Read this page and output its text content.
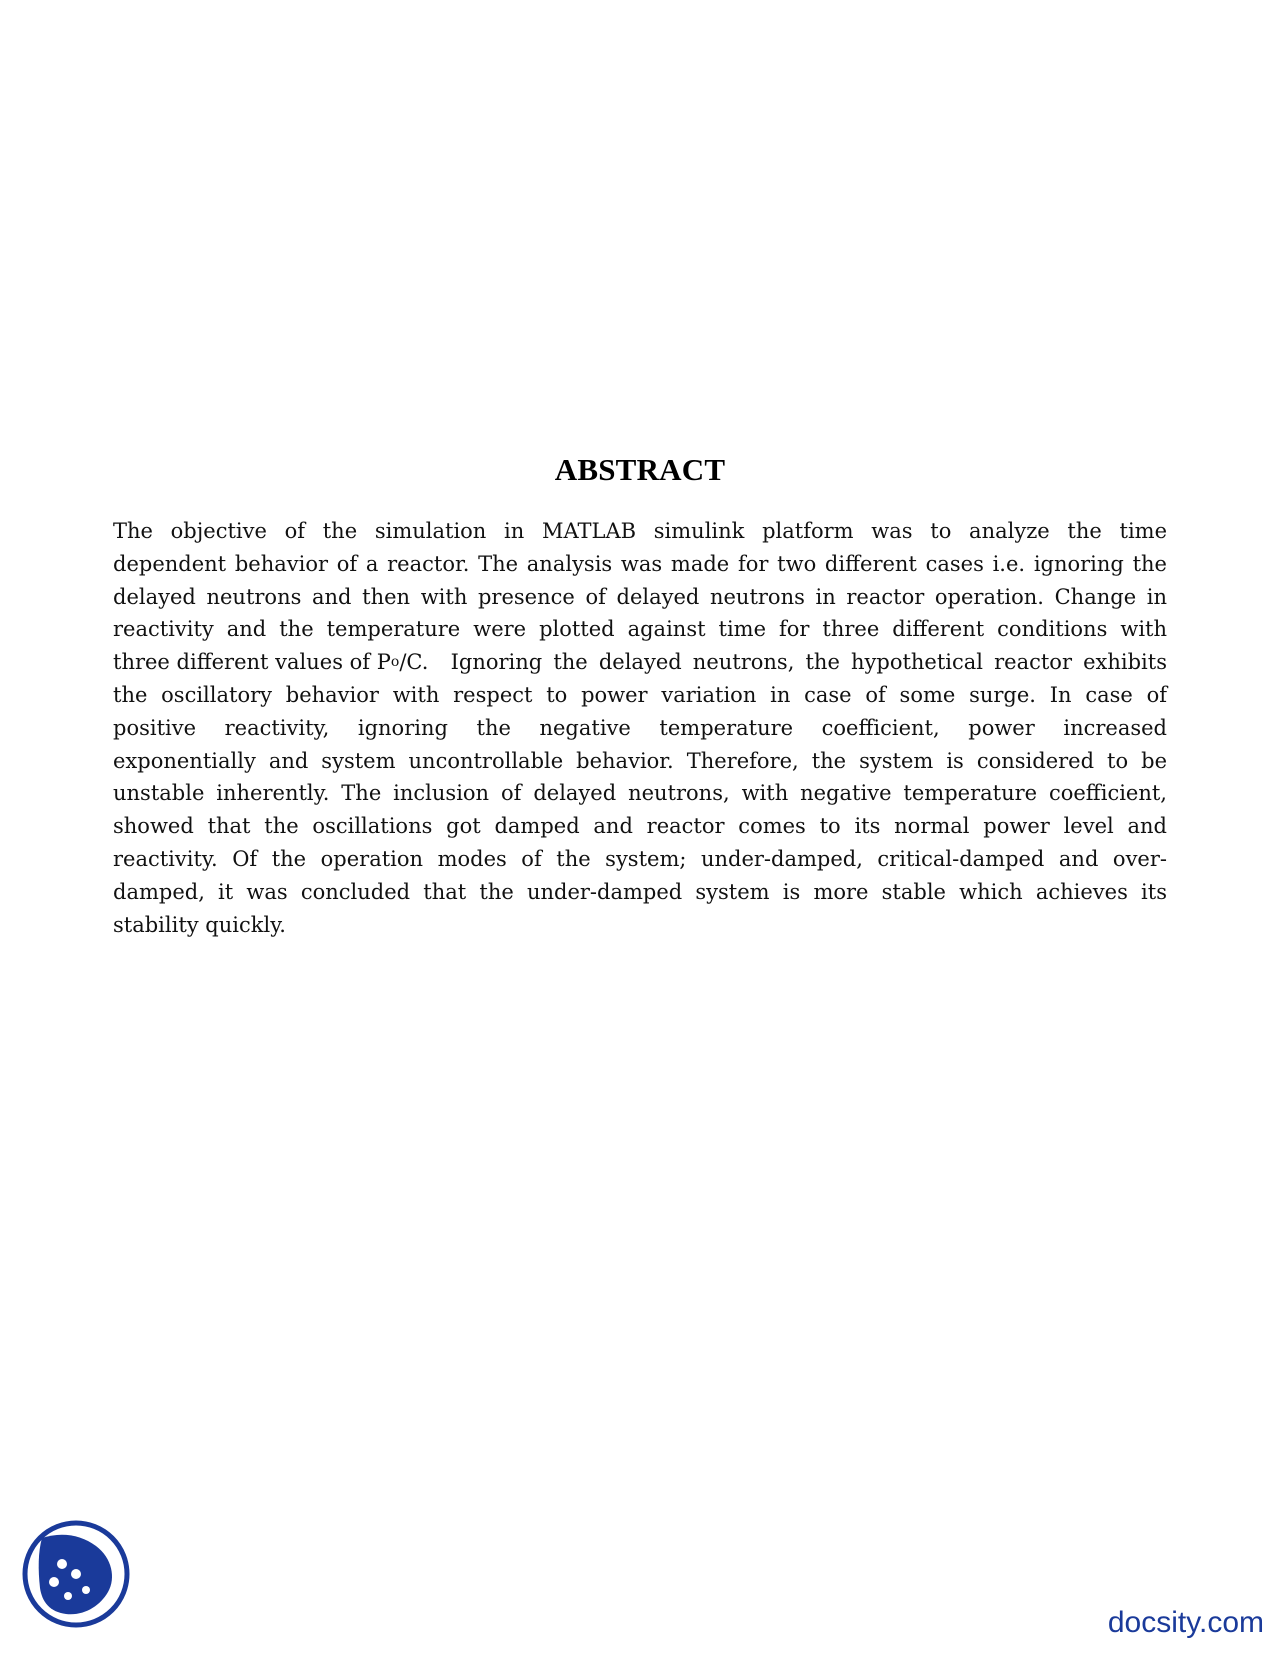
ABSTRACT
The objective of the simulation in MATLAB simulink platform was to analyze the time
dependent behavior of a reactor. The analysis was made for two different cases i.e. ignoring the
delayed neutrons and then with presence of delayed neutrons in reactor operation. Change in
reactivity and the temperature were plotted against time for three different conditions with
three different values of P o /C.  Ignoring the delayed neutrons, the hypothetical reactor exhibits
the oscillatory behavior with respect to power variation in case of some surge. In case of
positive reactivity, ignoring the negative temperature coefficient, power increased
exponentially and system uncontrollable behavior. Therefore, the system is considered to be
unstable inherently. The inclusion of delayed neutrons, with negative temperature coefficient,
showed that the oscillations got damped and reactor comes to its normal power level and
reactivity. Of the operation modes of the system; under-damped, critical-damped and over-
damped, it was concluded that the under-damped system is more stable which achieves its
stability quickly.
docsity.com
